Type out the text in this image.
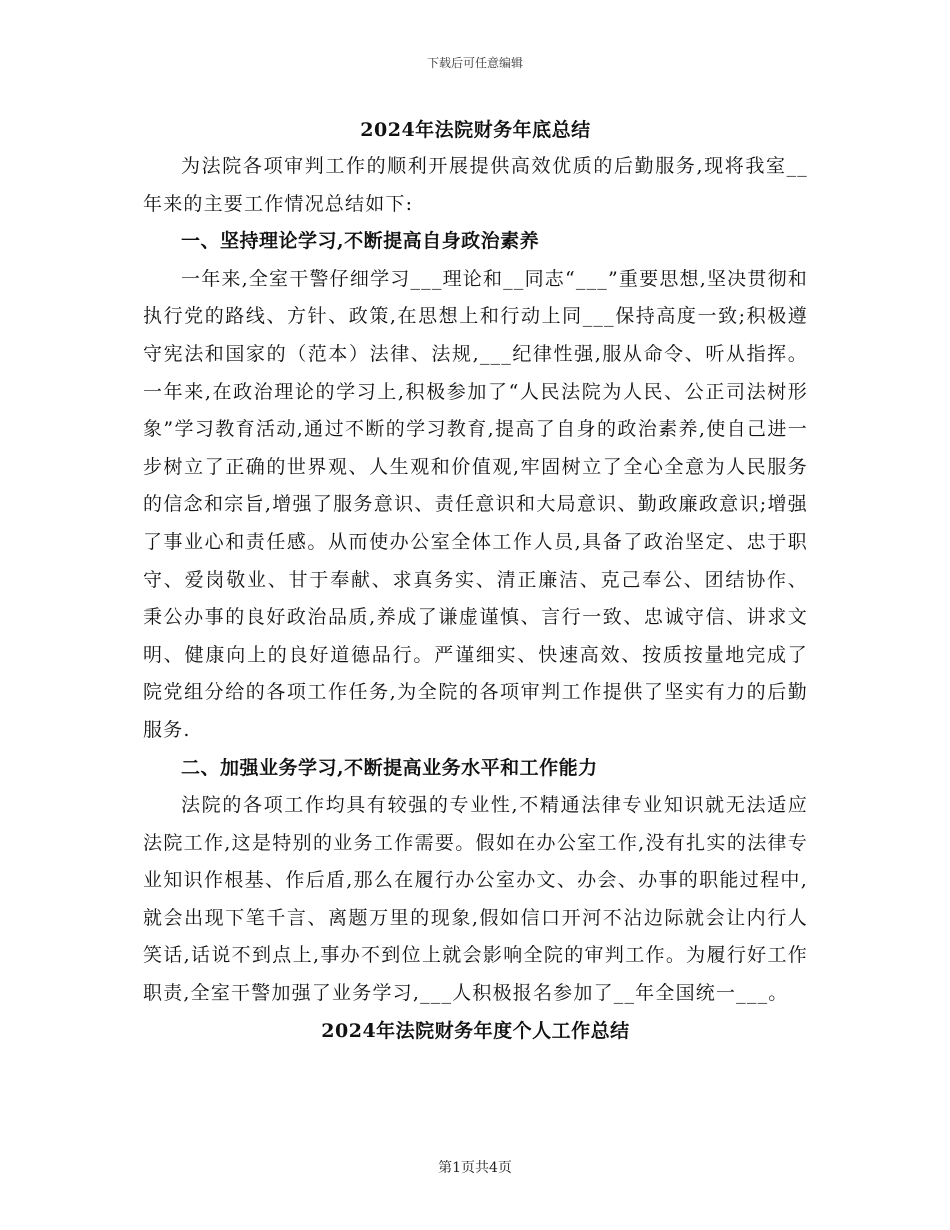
下载后可任意编辑
2024年法院财务年底总结

为法院各项审判工作的顺利开展提供高效优质的后勤服务,现将我室__年来的主要工作情况总结如下:

一、坚持理论学习,不断提高自身政治素养

一年来,全室干警仔细学习___理论和__同志“___”重要思想,坚决贯彻和执行党的路线、方针、政策,在思想上和行动上同___保持高度一致;积极遵守宪法和国家的（范本）法律、法规,___纪律性强,服从命令、听从指挥。一年来,在政治理论的学习上,积极参加了“人民法院为人民、公正司法树形象”学习教育活动,通过不断的学习教育,提高了自身的政治素养,使自己进一步树立了正确的世界观、人生观和价值观,牢固树立了全心全意为人民服务的信念和宗旨,增强了服务意识、责任意识和大局意识、勤政廉政意识;增强了事业心和责任感。从而使办公室全体工作人员,具备了政治坚定、忠于职守、爱岗敬业、甘于奉献、求真务实、清正廉洁、克己奉公、团结协作、秉公办事的良好政治品质,养成了谦虚谨慎、言行一致、忠诚守信、讲求文明、健康向上的良好道德品行。严谨细实、快速高效、按质按量地完成了院党组分给的各项工作任务,为全院的各项审判工作提供了坚实有力的后勤服务.

二、加强业务学习,不断提高业务水平和工作能力

法院的各项工作均具有较强的专业性,不精通法律专业知识就无法适应法院工作,这是特别的业务工作需要。假如在办公室工作,没有扎实的法律专业知识作根基、作后盾,那么在履行办公室办文、办会、办事的职能过程中,就会出现下笔千言、离题万里的现象,假如信口开河不沾边际就会让内行人笑话,话说不到点上,事办不到位上就会影响全院的审判工作。为履行好工作职责,全室干警加强了业务学习,___人积极报名参加了__年全国统一___。

2024年法院财务年度个人工作总结
第1页共4页
